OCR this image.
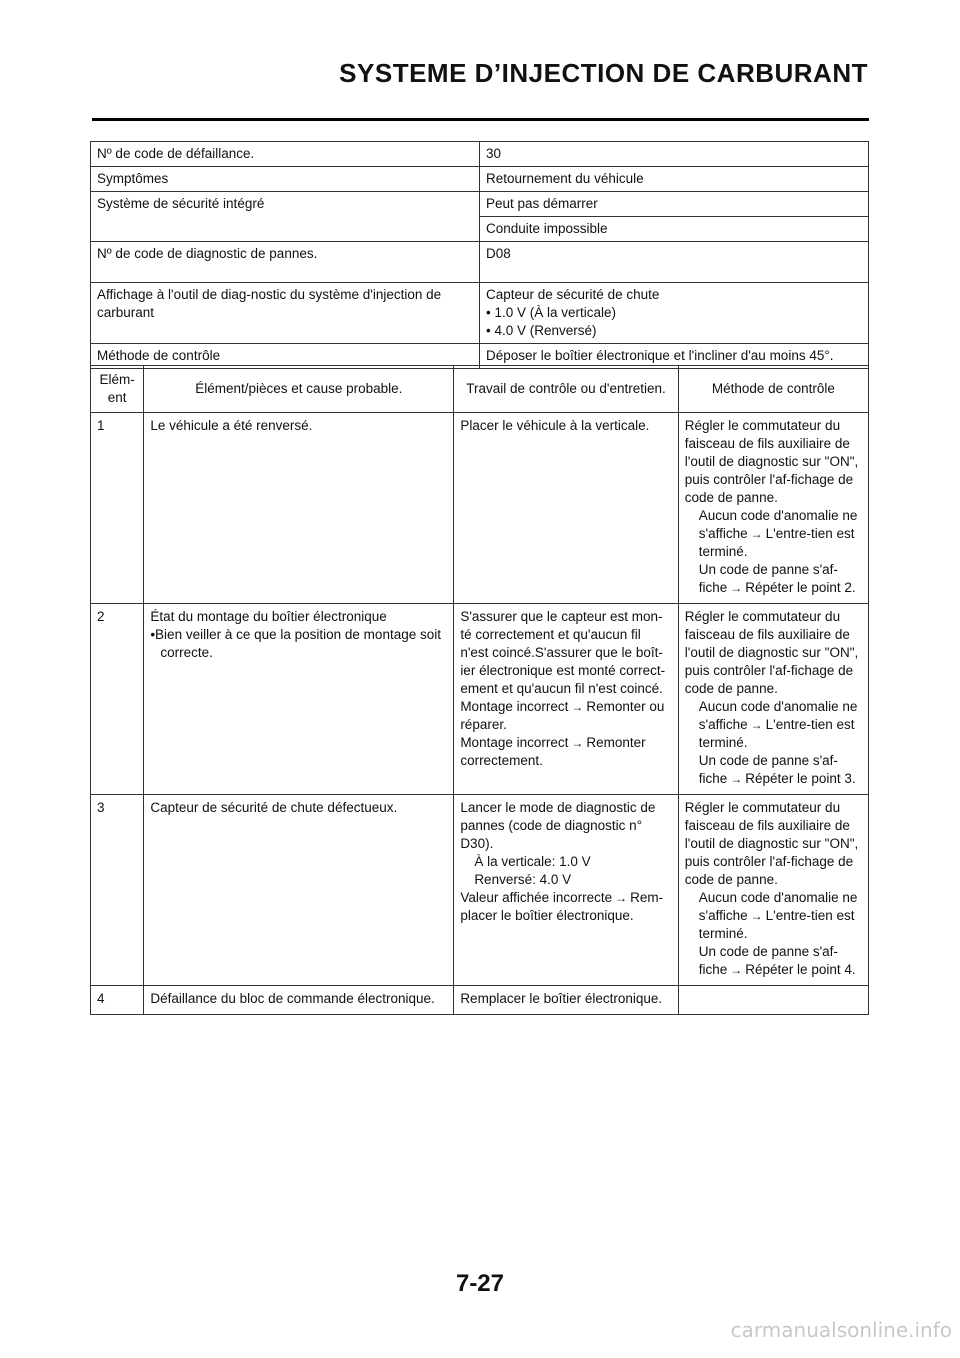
SYSTEME D’INJECTION DE CARBURANT
Nº de code de défaillance.	30
Symptômes	Retournement du véhicule
Système de sécurité intégré	Peut pas démarrer
Conduite impossible
Nº de code de diagnostic de pannes.	D08
Affichage à l'outil de diag-nostic du système d'injection de carburant	
Capteur de sécurité de chute
• 1.0 V (À la verticale)
• 4.0 V (Renversé)

Méthode de contrôle	Déposer le boîtier électronique et l'incliner d'au moins 45°.
Elém-ent	Élément/pièces et cause probable.	Travail de contrôle ou d'entretien.	Méthode de contrôle
1	Le véhicule a été renversé.	Placer le véhicule à la verticale.	Régler le commutateur du faisceau de fils auxiliaire de l'outil de diagnostic sur "ON", puis contrôler l'af-fichage de code de panne.
Aucun code d'anomalie ne s'affiche → L'entre-tien est terminé.
Un code de panne s'af-fiche → Répéter le point 2.

2	État du montage du boîtier électronique
•Bien veiller à ce que la position de montage soit correcte.

S'assurer que le capteur est mon-té correctement et qu'aucun fil n'est coincé.S'assurer que le boît-ier électronique est monté correct-ement et qu'aucun fil n'est coincé.
Montage incorrect → Remonter ou réparer.
Montage incorrect → Remonter correctement.

Régler le commutateur du faisceau de fils auxiliaire de l'outil de diagnostic sur "ON", puis contrôler l'af-fichage de code de panne.
Aucun code d'anomalie ne s'affiche → L'entre-tien est terminé.
Un code de panne s'af-fiche → Répéter le point 3.

3	Capteur de sécurité de chute défectueux.	Lancer le mode de diagnostic de pannes (code de diagnostic n° D30).
À la verticale: 1.0 V
Renversé: 4.0 V
Valeur affichée incorrecte → Rem-placer le boîtier électronique.

Régler le commutateur du faisceau de fils auxiliaire de l'outil de diagnostic sur "ON", puis contrôler l'af-fichage de code de panne.
Aucun code d'anomalie ne s'affiche → L'entre-tien est terminé.
Un code de panne s'af-fiche → Répéter le point 4.

4	Défaillance du bloc de commande électronique.	Remplacer le boîtier électronique.	
7-27
carmanualsonline.info
